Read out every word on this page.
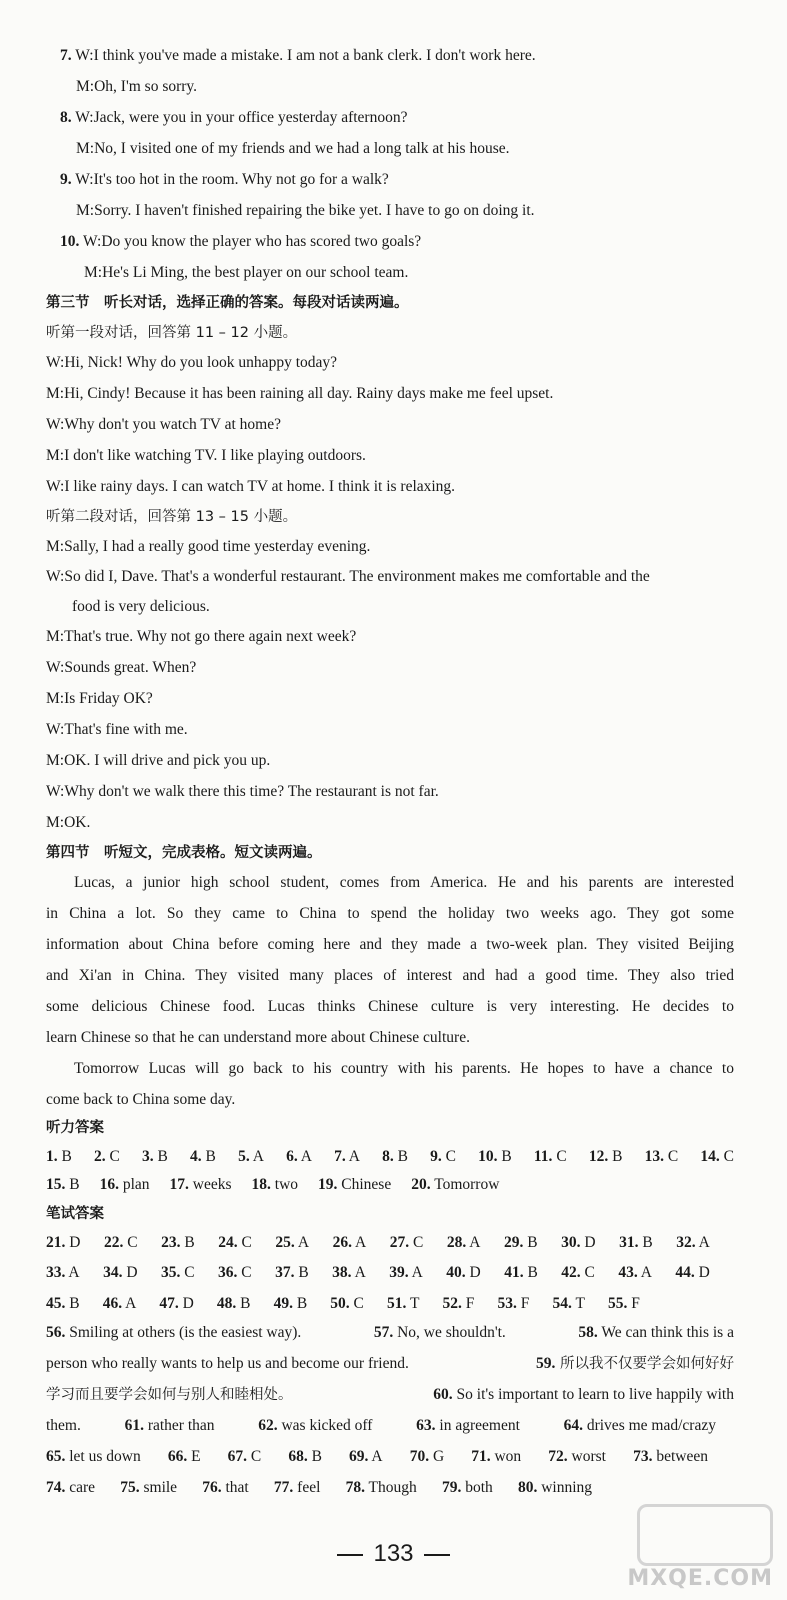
7. W:I think you've made a mistake. I am not a bank clerk. I don't work here.
M:Oh, I'm so sorry.
8. W:Jack, were you in your office yesterday afternoon?
M:No, I visited one of my friends and we had a long talk at his house.
9. W:It's too hot in the room. Why not go for a walk?
M:Sorry. I haven't finished repairing the bike yet. I have to go on doing it.
10. W:Do you know the player who has scored two goals?
M:He's Li Ming, the best player on our school team.
第三节　听长对话，选择正确的答案。每段对话读两遍。
听第一段对话，回答第 11 – 12 小题。
W:Hi, Nick! Why do you look unhappy today?
M:Hi, Cindy! Because it has been raining all day. Rainy days make me feel upset.
W:Why don't you watch TV at home?
M:I don't like watching TV. I like playing outdoors.
W:I like rainy days. I can watch TV at home. I think it is relaxing.
听第二段对话，回答第 13 – 15 小题。
M:Sally, I had a really good time yesterday evening.
W:So did I, Dave. That's a wonderful restaurant. The environment makes me comfortable and the
food is very delicious.
M:That's true. Why not go there again next week?
W:Sounds great. When?
M:Is Friday OK?
W:That's fine with me.
M:OK. I will drive and pick you up.
W:Why don't we walk there this time? The restaurant is not far.
M:OK.
第四节　听短文，完成表格。短文读两遍。
Lucas, a junior high school student, comes from America. He and his parents are interested
in China a lot. So they came to China to spend the holiday two weeks ago. They got some
information about China before coming here and they made a two-week plan. They visited Beijing
and Xi'an in China. They visited many places of interest and had a good time. They also tried
some delicious Chinese food. Lucas thinks Chinese culture is very interesting. He decides to
learn Chinese so that he can understand more about Chinese culture.
Tomorrow Lucas will go back to his country with his parents. He hopes to have a chance to
come back to China some day.
听力答案
1. B 2. C 3. B 4. B 5. A 6. A 7. A 8. B 9. C 10. B 11. C 12. B 13. C 14. C
15. B 16. plan 17. weeks 18. two 19. Chinese 20. Tomorrow
笔试答案
21. D 22. C 23. B 24. C 25. A 26. A 27. C 28. A 29. B 30. D 31. B 32. A
33. A 34. D 35. C 36. C 37. B 38. A 39. A 40. D 41. B 42. C 43. A 44. D
45. B 46. A 47. D 48. B 49. B 50. C 51. T 52. F 53. F 54. T 55. F
56. Smiling at others (is the easiest way).	57. No, we shouldn't.	58. We can think this is a
person who really wants to help us and become our friend.	59. 所以我不仅要学会如何好好
学习而且要学会如何与别人和睦相处。	60. So it's important to learn to live happily with
them.	61. rather than	62. was kicked off	63. in agreement	64. drives me mad/crazy
65. let us down 66. E 67. C 68. B 69. A 70. G 71. won 72. worst 73. between
74. care 75. smile 76. that 77. feel 78. Though 79. both 80. winning
133
MXQE.COM
